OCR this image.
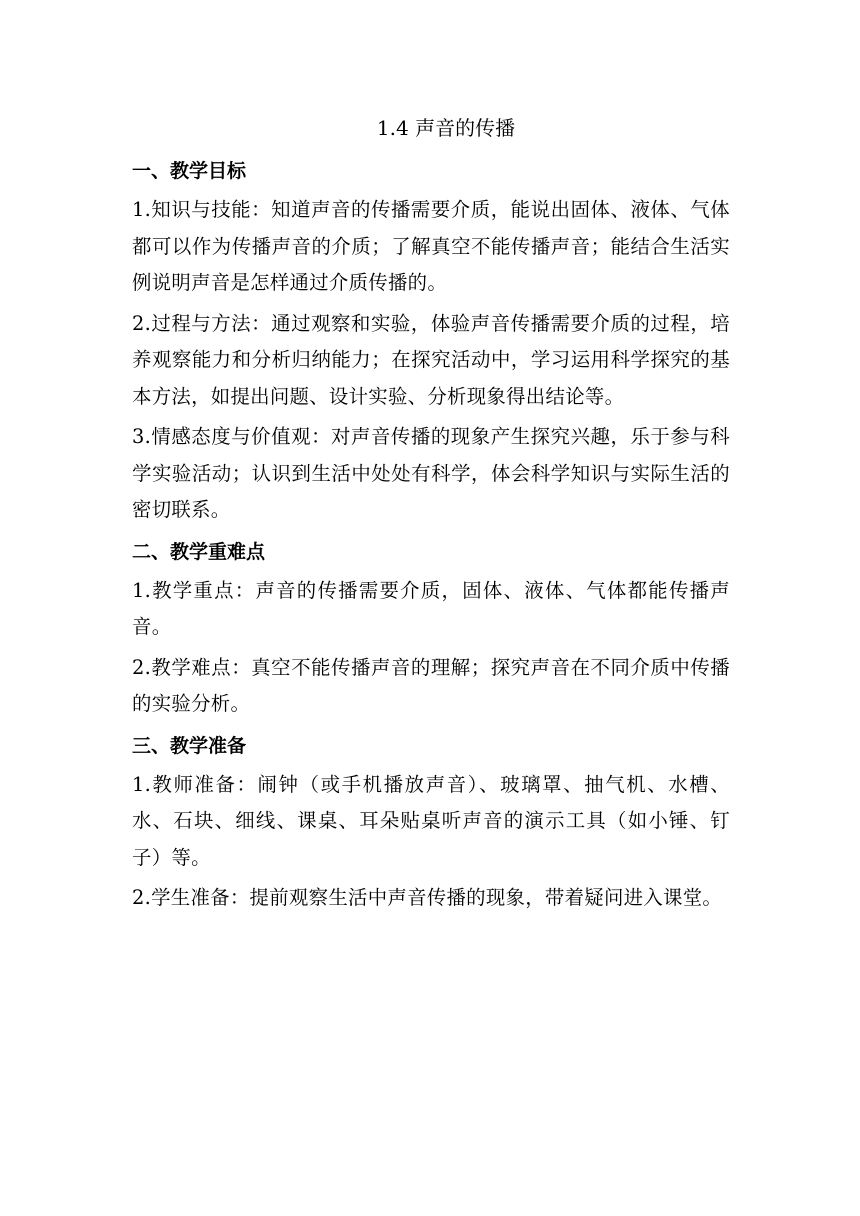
1.4 声音的传播
一、教学目标

1.知识与技能：知道声音的传播需要介质，能说出固体、液体、气体都可以作为传播声音的介质；了解真空不能传播声音；能结合生活实例说明声音是怎样通过介质传播的。

2.过程与方法：通过观察和实验，体验声音传播需要介质的过程，培养观察能力和分析归纳能力；在探究活动中，学习运用科学探究的基本方法，如提出问题、设计实验、分析现象得出结论等。

3.情感态度与价值观：对声音传播的现象产生探究兴趣，乐于参与科学实验活动；认识到生活中处处有科学，体会科学知识与实际生活的密切联系。

二、教学重难点

1.教学重点：声音的传播需要介质，固体、液体、气体都能传播声音。

2.教学难点：真空不能传播声音的理解；探究声音在不同介质中传播的实验分析。

三、教学准备

1.教师准备：闹钟（或手机播放声音）、玻璃罩、抽气机、水槽、水、石块、细线、课桌、耳朵贴桌听声音的演示工具（如小锤、钉子）等。

2.学生准备：提前观察生活中声音传播的现象，带着疑问进入课堂。
